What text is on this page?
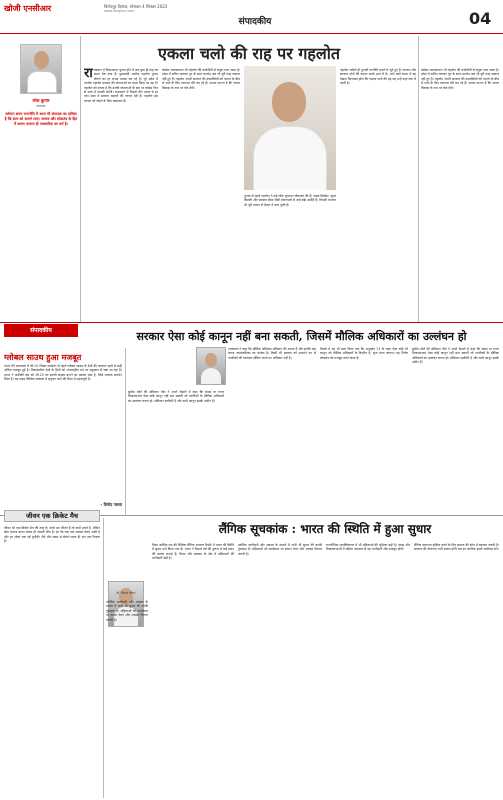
खोजी एनसीआर	विनोदपुर दिनांक, सोमवार 4 सितंबर 2023
www.khojincr.com
संपादकीय	04
रमेश कुमार
संपादक
वर्तमान समय राजनीति में आज भी संपादक का दायित्व है कि सत्य को सामने लाएं। समाज और लोकतंत्र के हित में कलम चलाना ही पत्रकारिता का धर्म है।
एकला चलो की राह पर गहलोत
राजस्थान में विधानसभा चुनाव होने में अब कुछ ही माह का समय शेष बचा है। मुख्यमंत्री अशोक गहलोत चुनाव जीतने का हर संभव प्रयास कर रहे हैं। पूरे प्रदेश में अशोक गहलोत सरकार की योजनाओं का प्रचार किया जा रहा है। गहलोत को लगता है कि उनकी योजनाओं के बल पर कांग्रेस फिर से सत्ता में वापसी करेगी। राजस्थान में पिछले तीन दशक से हर पांच साल में सरकार बदलने की परंपरा रही है। गहलोत इस परंपरा को तोड़ने के लिए प्रयासरत हैं।
कांग्रेस आलाकमान भी गहलोत की कार्यशैली से संतुष्ट नजर आता है। प्रदेश में सचिन पायलट गुट के साथ मतभेद अब भी पूरी तरह समाप्त नहीं हुए हैं। गहलोत अपनी सरकार की उपलब्धियों को जनता के बीच ले जाने के लिए लगातार दौरे कर रहे हैं। उनका मानना है कि जनता विकास के नाम पर वोट देगी।
चुनाव से पहले गहलोत ने कई लोक लुभावन घोषणाएं की हैं। सस्ता सिलेंडर, मुफ्त बिजली और स्वास्थ्य बीमा जैसी योजनाओं से उन्हें बड़ी उम्मीदें हैं। विपक्षी भाजपा भी पूरी ताकत से मैदान में उतर चुकी है।
गहलोत अकेले ही चुनावी रणनीति बनाने में जुटे हुए हैं। संगठन और सरकार दोनों की कमान उनके हाथ में है। आने वाले समय में यह देखना दिलचस्प होगा कि एकला चलो की यह राह उन्हें कहां तक ले जाती है।
कांग्रेस आलाकमान भी गहलोत की कार्यशैली से संतुष्ट नजर आता है। प्रदेश में सचिन पायलट गुट के साथ मतभेद अब भी पूरी तरह समाप्त नहीं हुए हैं। गहलोत अपनी सरकार की उपलब्धियों को जनता के बीच ले जाने के लिए लगातार दौरे कर रहे हैं। उनका मानना है कि जनता विकास के नाम पर वोट देगी।
संपादकीय	सरकार ऐसा कोई कानून नहीं बना सकती, जिसमें मौलिक अधिकारों का उल्लंघन हो
ग्लोबल साउथ हुआ मजबूत
भारत की अध्यक्षता में जी-20 शिखर सम्मेलन से पहले ग्लोबल साउथ के देशों की आवाज पहले से कहीं अधिक मजबूत हुई है। विकासशील देशों के हितों को अंतरराष्ट्रीय मंच पर प्रमुखता से रखा जा रहा है। भारत ने अफ्रीकी संघ को जी-20 का स्थायी सदस्य बनाने का प्रस्ताव रखा है, जिसे व्यापक समर्थन मिला है। यह कदम वैश्विक व्यवस्था में संतुलन लाने की दिशा में महत्वपूर्ण है।
- विनोद नरुला
सुप्रीम कोर्ट की संविधान पीठ ने अपने फैसले में कहा कि संसद या राज्य विधानसभाएं ऐसा कोई कानून नहीं बना सकतीं जो नागरिकों के मौलिक अधिकारों का उल्लंघन करता हो। संविधान सर्वोपरि है और सभी कानून इसके अधीन हैं।
न्यायालय ने कहा कि मौलिक अधिकार संविधान की आत्मा हैं और इनकी रक्षा करना न्यायपालिका का कर्तव्य है। किसी भी सरकार को मनमाने ढंग से नागरिकों की स्वतंत्रता सीमित करने का अधिकार नहीं है।
फैसले में यह भी स्पष्ट किया गया कि अनुच्छेद 13 के तहत ऐसा कोई भी कानून जो मौलिक अधिकारों के विपरीत है, शून्य माना जाएगा। यह निर्णय लोकतंत्र को मजबूत करने वाला है।
सुप्रीम कोर्ट की संविधान पीठ ने अपने फैसले में कहा कि संसद या राज्य विधानसभाएं ऐसा कोई कानून नहीं बना सकतीं जो नागरिकों के मौलिक अधिकारों का उल्लंघन करता हो। संविधान सर्वोपरि है और सभी कानून इसके अधीन हैं।
जीवन एक क्रिकेट मैच
जीवन भी एक क्रिकेट मैच की तरह है। कभी हम जीतते हैं तो कभी हारते हैं, लेकिन खेल भावना बनाए रखना ही असली जीत है। हर गेंद एक नया अवसर लेकर आती है और हर ओवर एक नई चुनौती। धैर्य और संयम से खेलने वाला ही अंत तक टिकता है।
लैंगिक सूचकांक : भारत की स्थिति में हुआ सुधार
डॉ. प्रियंका सौरभ
विश्व आर्थिक मंच की वैश्विक लैंगिक अंतराल रिपोर्ट में भारत की स्थिति में सुधार दर्ज किया गया है। भारत ने पिछले वर्ष की तुलना में कई स्थान की छलांग लगाई है। शिक्षा और स्वास्थ्य के क्षेत्र में महिलाओं की भागीदारी बढ़ी है।
आर्थिक भागीदारी और अवसर के मामले में अभी भी सुधार की काफी गुंजाइश है। महिलाओं को कार्यस्थल पर समान वेतन और अवसर मिलना जरूरी है।
आर्थिक भागीदारी और अवसर के मामले में अभी भी सुधार की काफी गुंजाइश है। महिलाओं को कार्यस्थल पर समान वेतन और अवसर मिलना जरूरी है।
राजनीतिक सशक्तिकरण में भी महिलाओं की भूमिका बढ़ी है। संसद और विधानसभाओं में महिला आरक्षण से यह भागीदारी और मजबूत होगी।
लैंगिक समानता हासिल करने के लिए समाज की सोच में बदलाव जरूरी है। सरकार की योजनाएं तभी सफल होंगी जब हर नागरिक इसमें भागीदार बने।
